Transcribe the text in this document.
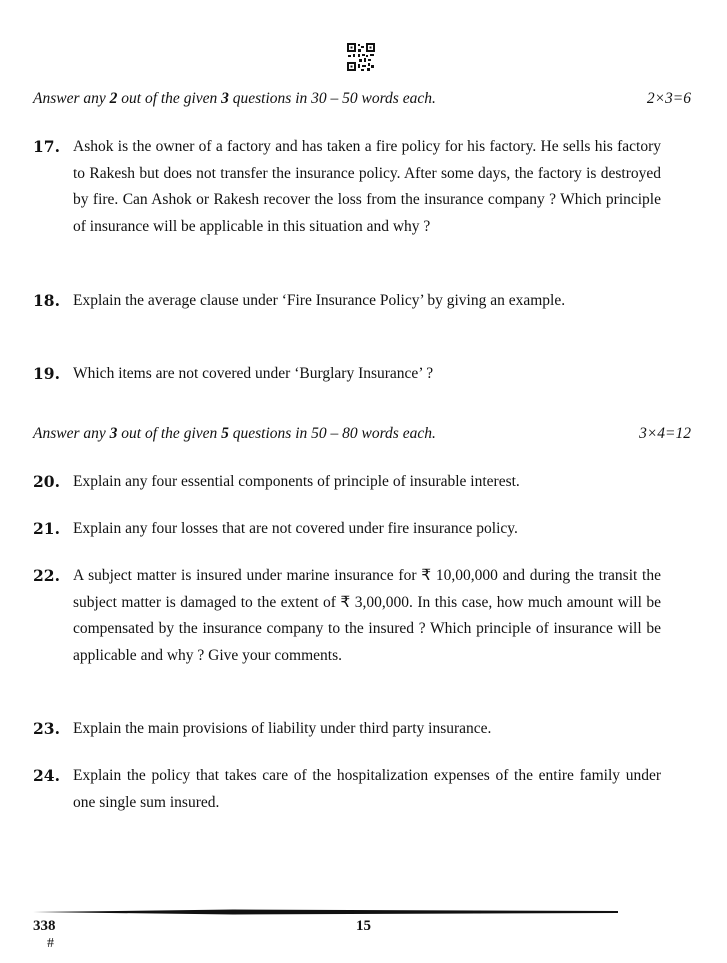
Answer any 2 out of the given 3 questions in 30 – 50 words each.	2×3=6
17. Ashok is the owner of a factory and has taken a fire policy for his factory. He sells his factory to Rakesh but does not transfer the insurance policy. After some days, the factory is destroyed by fire. Can Ashok or Rakesh recover the loss from the insurance company ? Which principle of insurance will be applicable in this situation and why ?
18. Explain the average clause under ‘Fire Insurance Policy’ by giving an example.
19. Which items are not covered under ‘Burglary Insurance’ ?
Answer any 3 out of the given 5 questions in 50 – 80 words each.	3×4=12
20. Explain any four essential components of principle of insurable interest.
21. Explain any four losses that are not covered under fire insurance policy.
22. A subject matter is insured under marine insurance for ₹ 10,00,000 and during the transit the subject matter is damaged to the extent of ₹ 3,00,000. In this case, how much amount will be compensated by the insurance company to the insured ? Which principle of insurance will be applicable and why ? Give your comments.
23. Explain the main provisions of liability under third party insurance.
24. Explain the policy that takes care of the hospitalization expenses of the entire family under one single sum insured.
338
#
15
